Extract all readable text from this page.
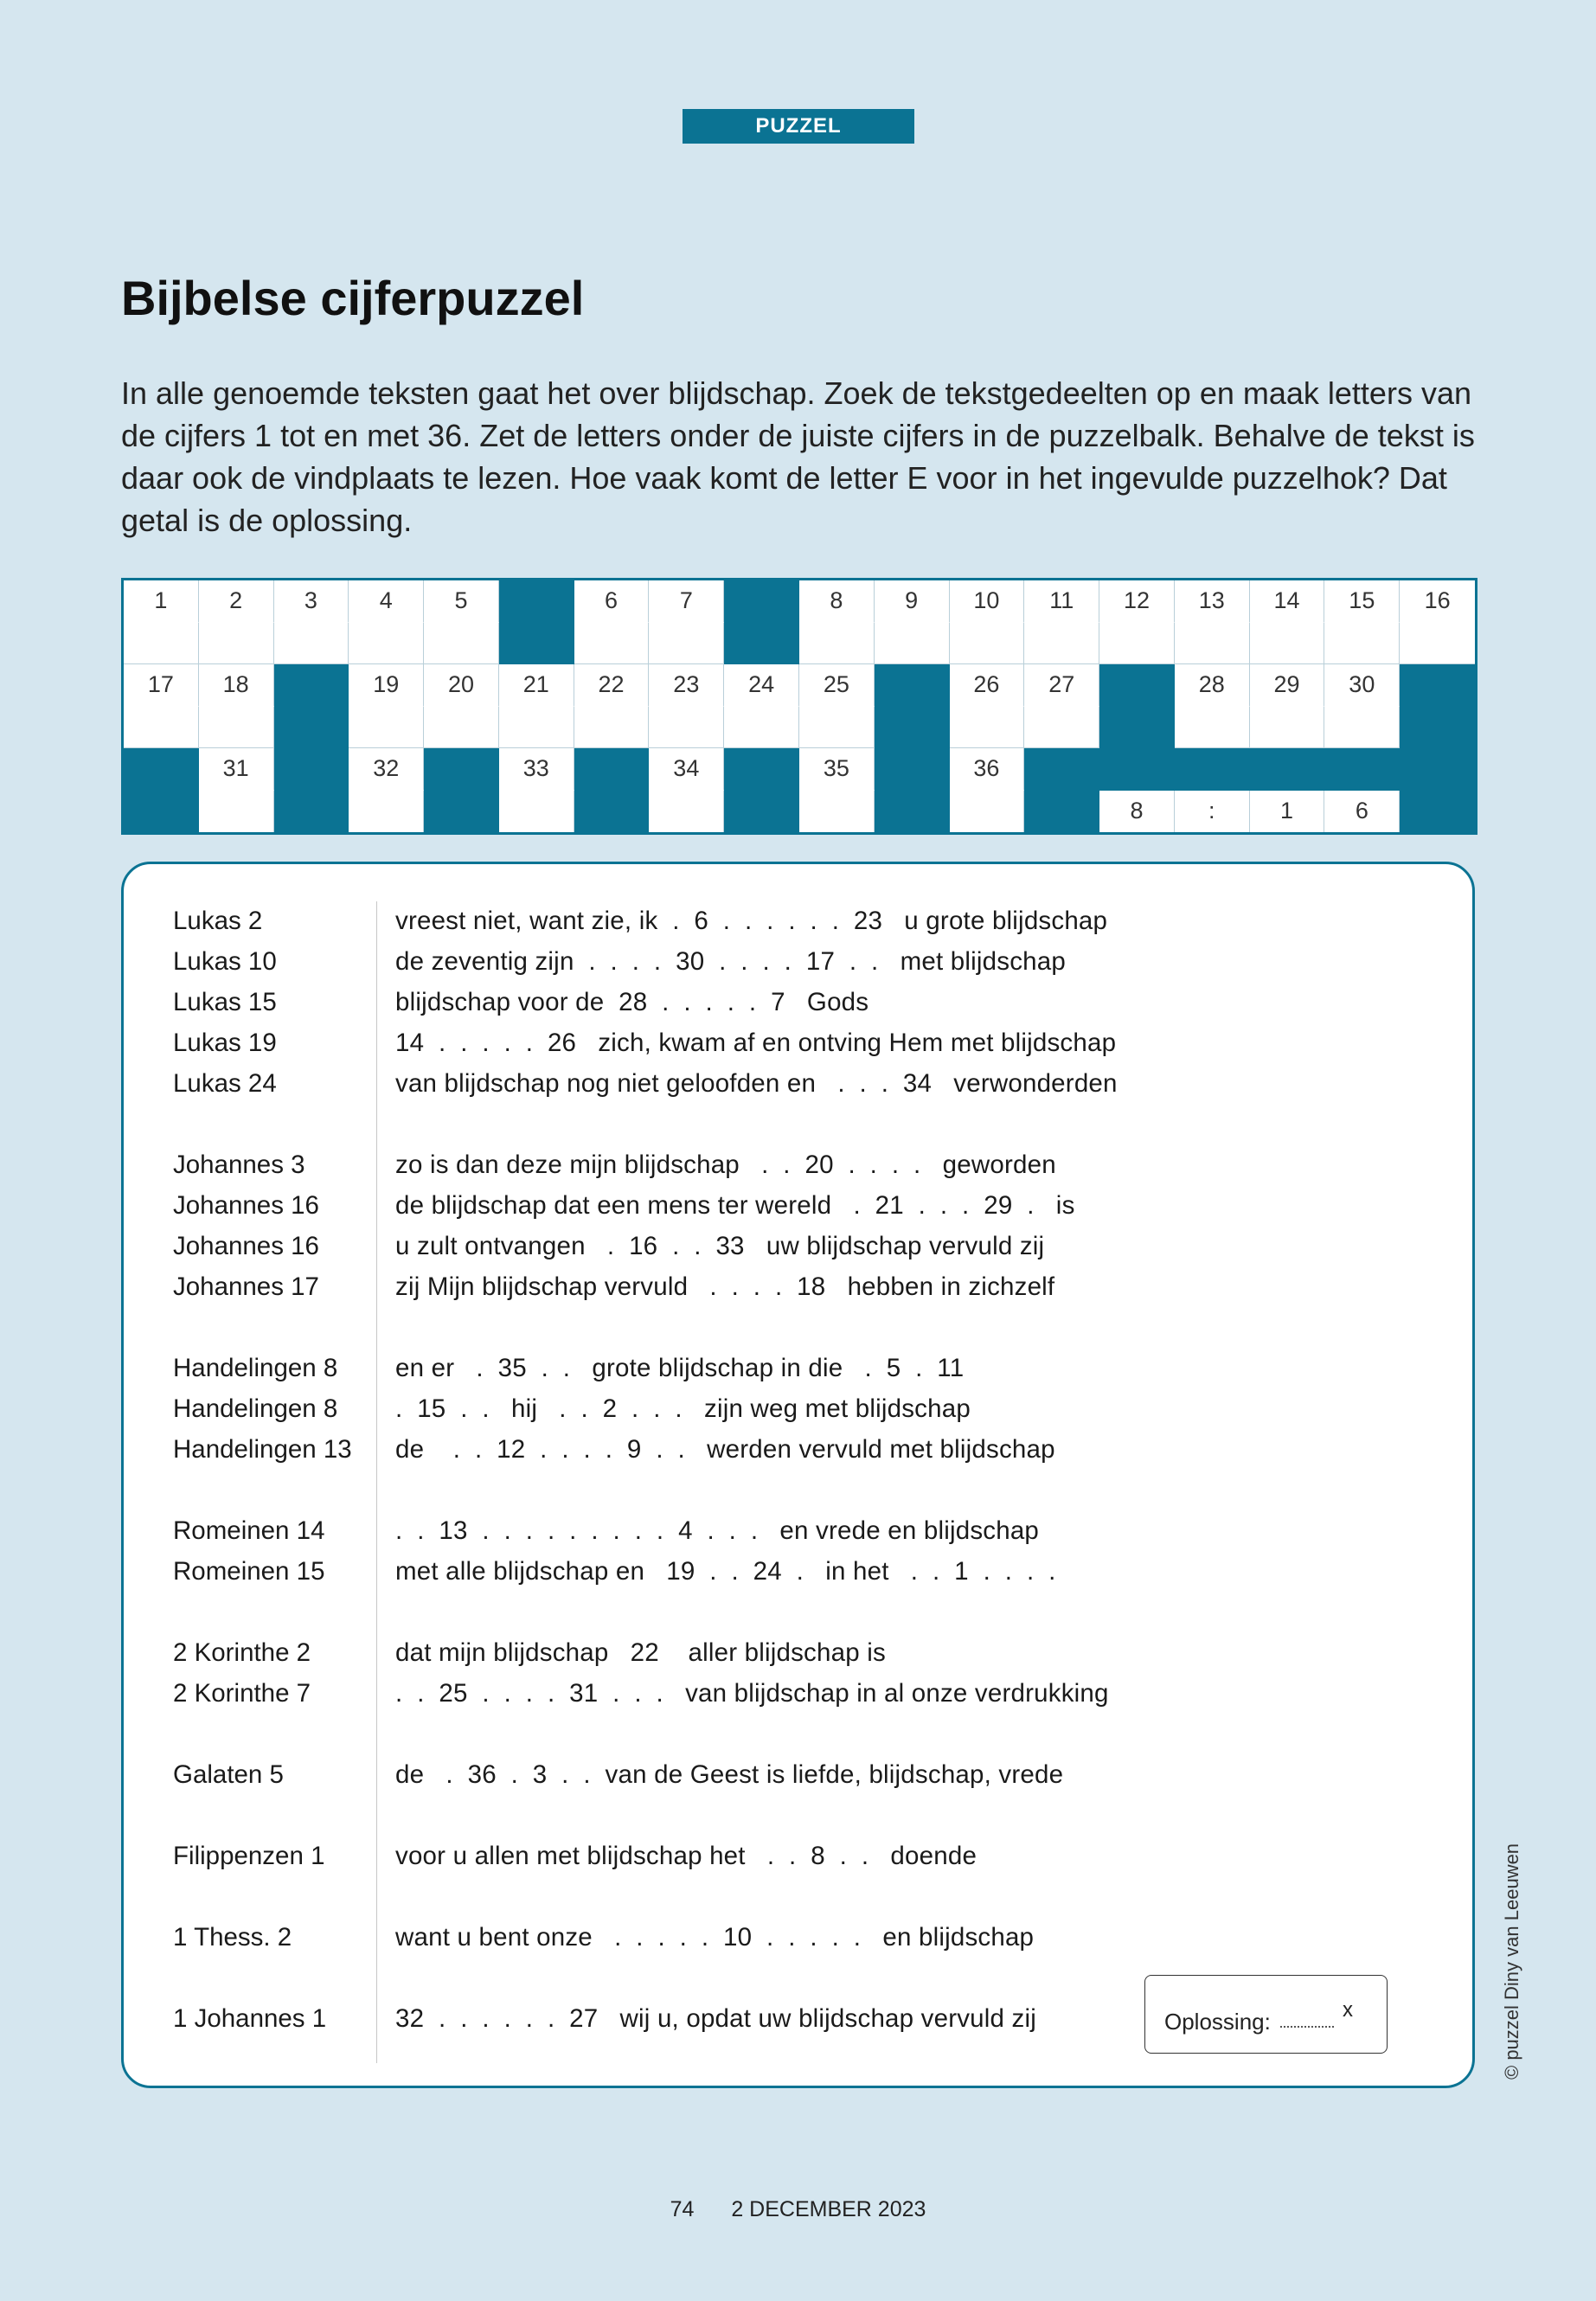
PUZZEL
Bijbelse cijferpuzzel

In alle genoemde teksten gaat het over blijdschap. Zoek de tekstgedeelten op en maak letters van de cijfers 1 tot en met 36. Zet de letters onder de juiste cijfers in de puzzelbalk. Behalve de tekst is daar ook de vindplaats te lezen. Hoe vaak komt de letter E voor in het ingevulde puzzelhok? Dat getal is de oplossing.

1	2	3	4	5	6	7	8	9	10	11	12	13	14	15	16
17	18	19	20	21	22	23	24	25	26	27	28	29	30
31	32	33	34	35	36
8	:	1	6
Lukas 2	vreest niet, want zie, ik  .  6  .  .  .  .  .  .  23   u grote blijdschap
Lukas 10	de zeventig zijn  .  .  .  .  30  .  .  .  .  17  .  .   met blijdschap
Lukas 15	blijdschap voor de  28  .  .  .  .  .  7   Gods
Lukas 19	14  .  .  .  .  .  26   zich, kwam af en ontving Hem met blijdschap
Lukas 24	van blijdschap nog niet geloofden en   .  .  .  34   verwonderden
Johannes 3	zo is dan deze mijn blijdschap   .  .  20  .  .  .  .   geworden
Johannes 16	de blijdschap dat een mens ter wereld   .  21  .  .  .  29  .   is
Johannes 16	u zult ontvangen   .  16  .  .  33   uw blijdschap vervuld zij
Johannes 17	zij Mijn blijdschap vervuld   .  .  .  .  18   hebben in zichzelf
Handelingen 8 en er   .  35  .  .   grote blijdschap in die   .  5  .  11
Handelingen 8 .  15  .  .   hij   .  .  2  .  .  .   zijn weg met blijdschap
Handelingen 13 de    .  .  12  .  .  .  .  9  .  .   werden vervuld met blijdschap
Romeinen 14	.  .  13  .  .  .  .  .  .  .  .  .  4  .  .  .   en vrede en blijdschap
Romeinen 15	met alle blijdschap en   19  .  .  24  .   in het   .  .  1  .  .  .  .
2 Korinthe 2	dat mijn blijdschap   22    aller blijdschap is
2 Korinthe 7	.  .  25  .  .  .  .  31  .  .  .   van blijdschap in al onze verdrukking
Galaten 5	de   .  36  .  3  .  .  van de Geest is liefde, blijdschap, vrede
Filippenzen 1	voor u allen met blijdschap het   .  .  8  .  .   doende
1 Thess. 2	want u bent onze   .  .  .  .  .  10  .  .  .  .  .   en blijdschap
1 Johannes 1	32  .  .  .  .  .  .  27   wij u, opdat uw blijdschap vervuld zij	Oplossing:	x	© puzzel Diny van Leeuwen
74 2 DECEMBER 2023
